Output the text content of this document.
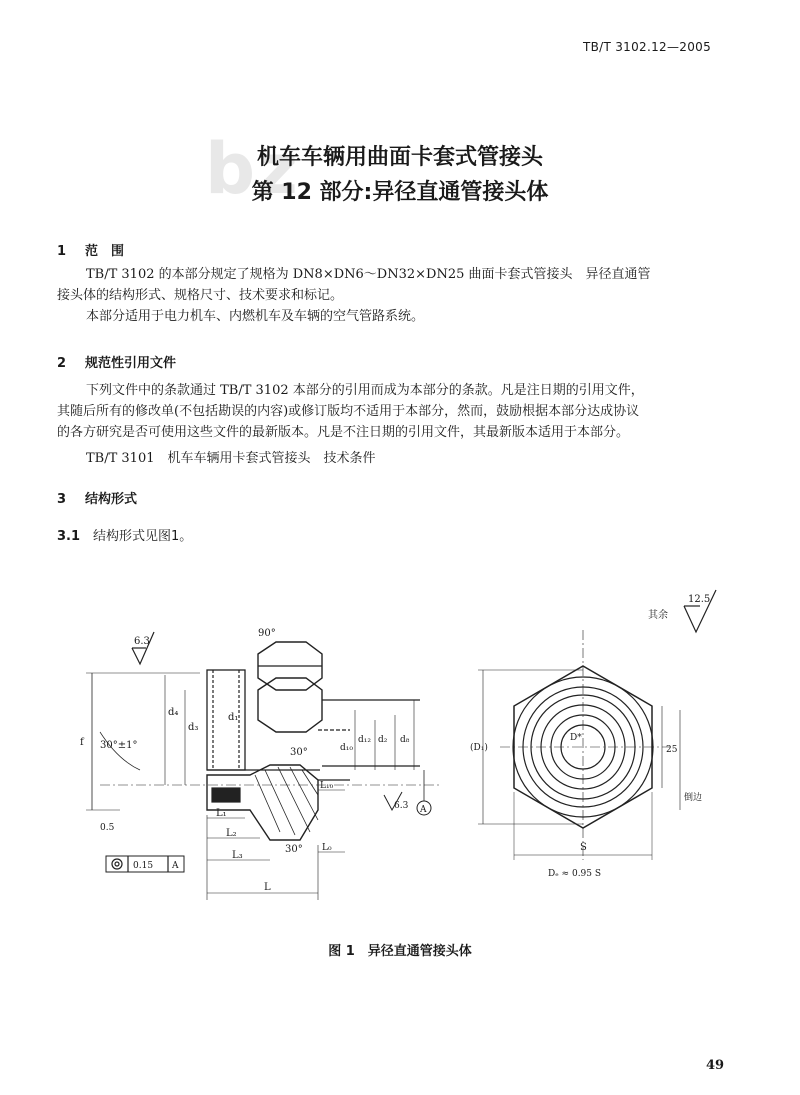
TB/T 3102.12—2005
bz
机车车辆用曲面卡套式管接头
第 12 部分:异径直通管接头体
1 范　围
TB/T 3102 的本部分规定了规格为 DN8×DN6～DN32×DN25 曲面卡套式管接头　异径直通管
接头体的结构形式、规格尺寸、技术要求和标记。
本部分适用于电力机车、内燃机车及车辆的空气管路系统。
2 规范性引用文件
下列文件中的条款通过 TB/T 3102 本部分的引用而成为本部分的条款。凡是注日期的引用文件，
其随后所有的修改单(不包括勘误的内容)或修订版均不适用于本部分，然而，鼓励根据本部分达成协议
的各方研究是否可使用这些文件的最新版本。凡是不注日期的引用文件，其最新版本适用于本部分。
TB/T 3101　机车车辆用卡套式管接头　技术条件
3 结构形式
3.1 结构形式见图1。
6.3
12.5
其余
90°
30°±1°
30°
30°
A
0.15 A
0.5
6.3
f
d₄
d₃
d₁
d₁₀
d₁₂ d₂ d₈
L₁
L₂
L₃
L₁₀
L
L₀
(D₁)
D*
S
25
倒边
Dₑ ≈ 0.95 S
图 1　异径直通管接头体
49
